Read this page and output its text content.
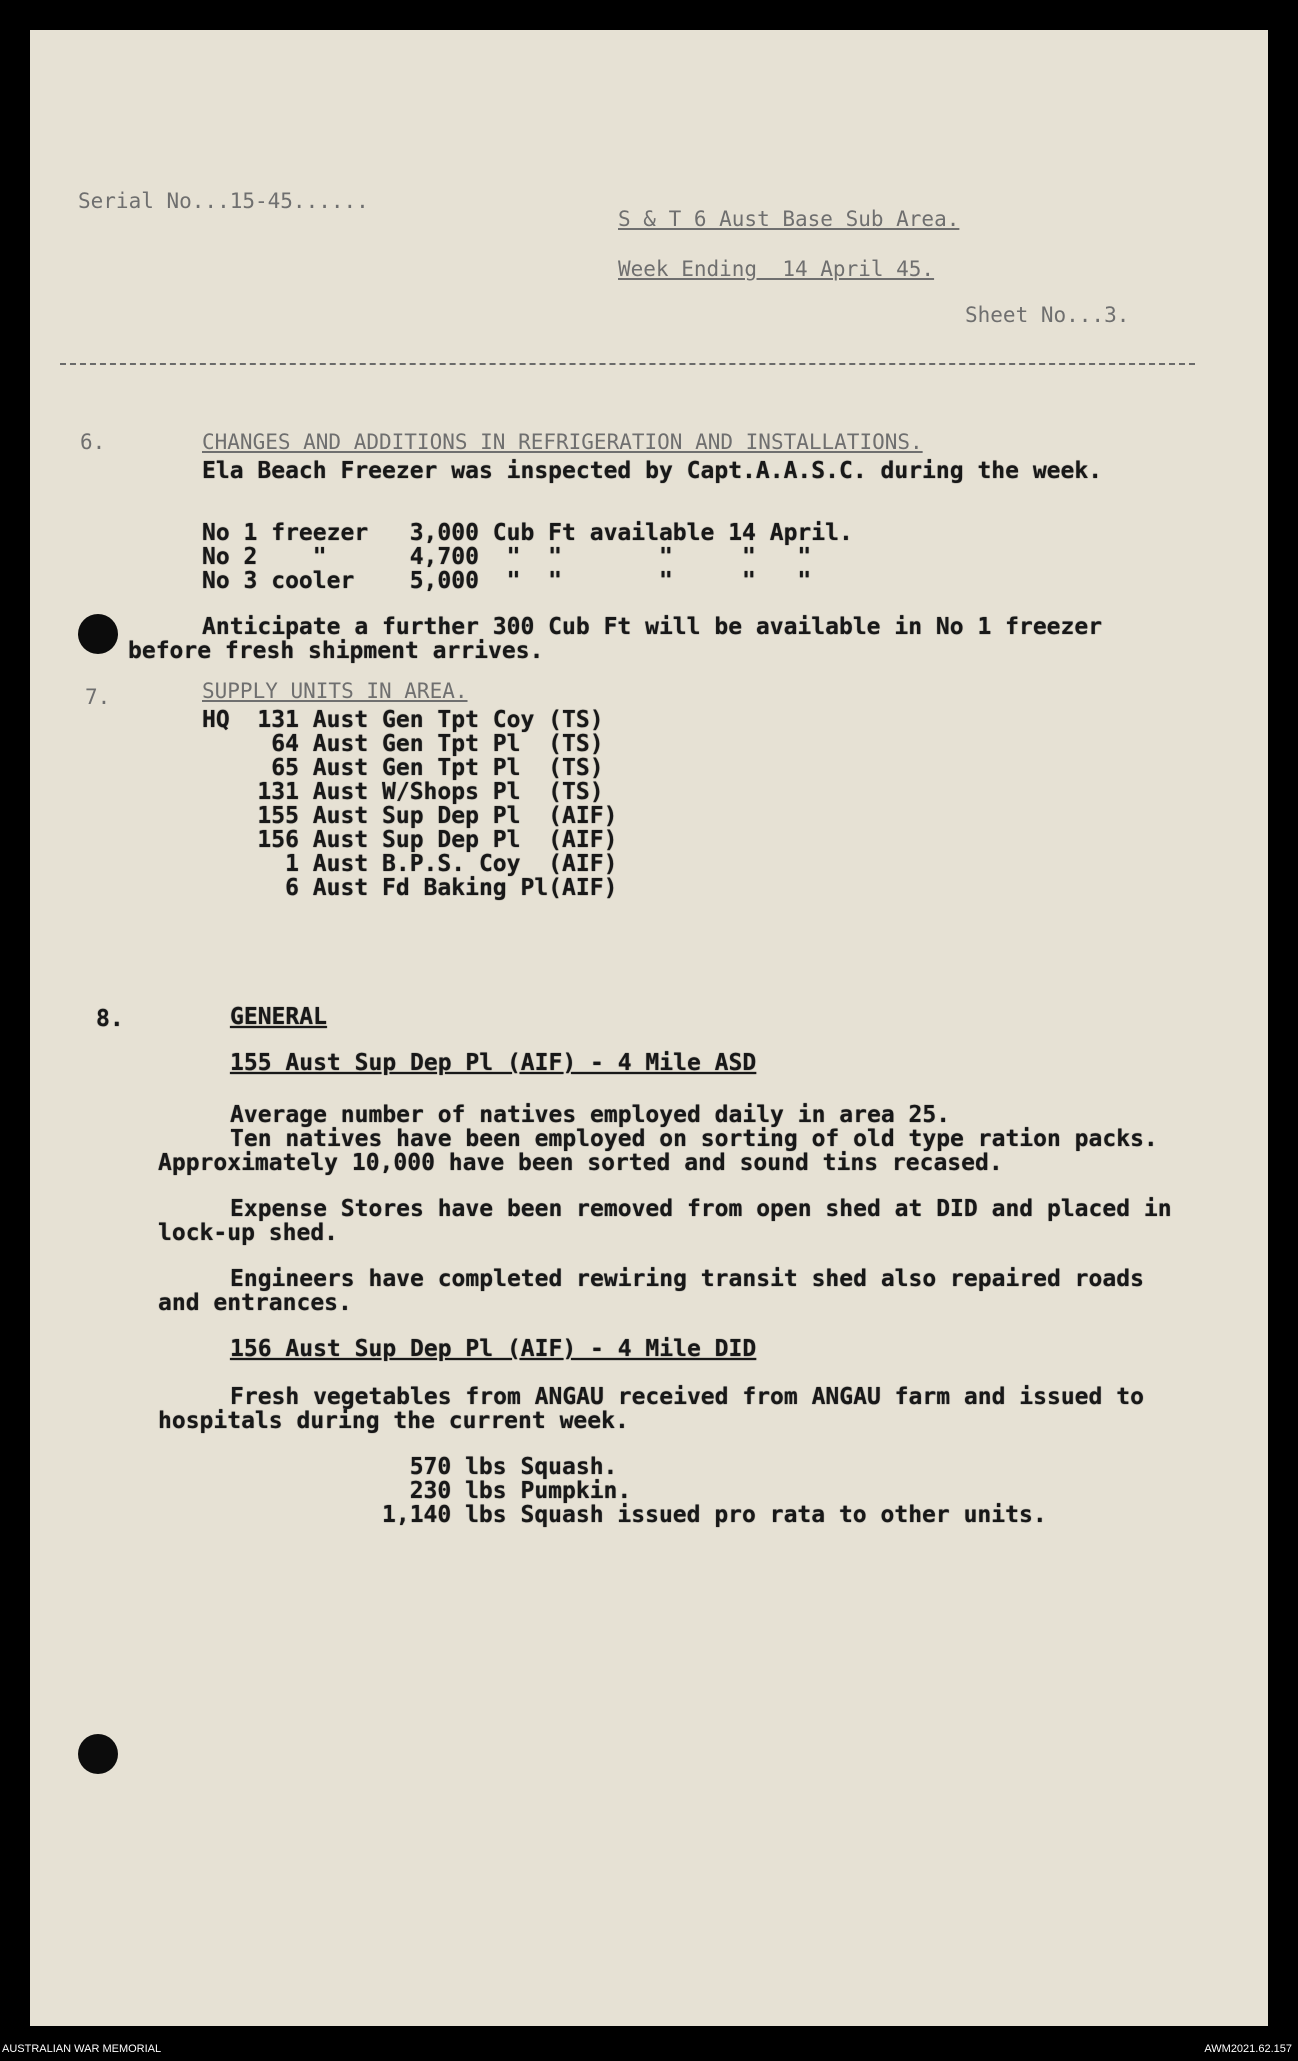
Serial No...15-45......
S & T 6 Aust Base Sub Area.
Week Ending  14 April 45.
Sheet No...3.
6.	CHANGES AND ADDITIONS IN REFRIGERATION AND INSTALLATIONS.
Ela Beach Freezer was inspected by Capt.A.A.S.C. during the week.
No 1 freezer   3,000 Cub Ft available 14 April.
No 2    "      4,700  "  "       "     "   "
No 3 cooler    5,000  "  "       "     "   "
Anticipate a further 300 Cub Ft will be available in No 1 freezer
before fresh shipment arrives.
7.	SUPPLY UNITS IN AREA.
HQ  131 Aust Gen Tpt Coy (TS)
64 Aust Gen Tpt Pl  (TS)
65 Aust Gen Tpt Pl  (TS)
131 Aust W/Shops Pl  (TS)
155 Aust Sup Dep Pl  (AIF)
156 Aust Sup Dep Pl  (AIF)
1 Aust B.P.S. Coy  (AIF)
6 Aust Fd Baking Pl(AIF)
8.	GENERAL
155 Aust Sup Dep Pl (AIF) - 4 Mile ASD
Average number of natives employed daily in area 25.
Ten natives have been employed on sorting of old type ration packs.
Approximately 10,000 have been sorted and sound tins recased.
Expense Stores have been removed from open shed at DID and placed in
lock-up shed.
Engineers have completed rewiring transit shed also repaired roads
and entrances.
156 Aust Sup Dep Pl (AIF) - 4 Mile DID
Fresh vegetables from ANGAU received from ANGAU farm and issued to
hospitals during the current week.
570 lbs Squash.
230 lbs Pumpkin.
1,140 lbs Squash issued pro rata to other units.
AUSTRALIAN WAR MEMORIAL	AWM2021.62.157
